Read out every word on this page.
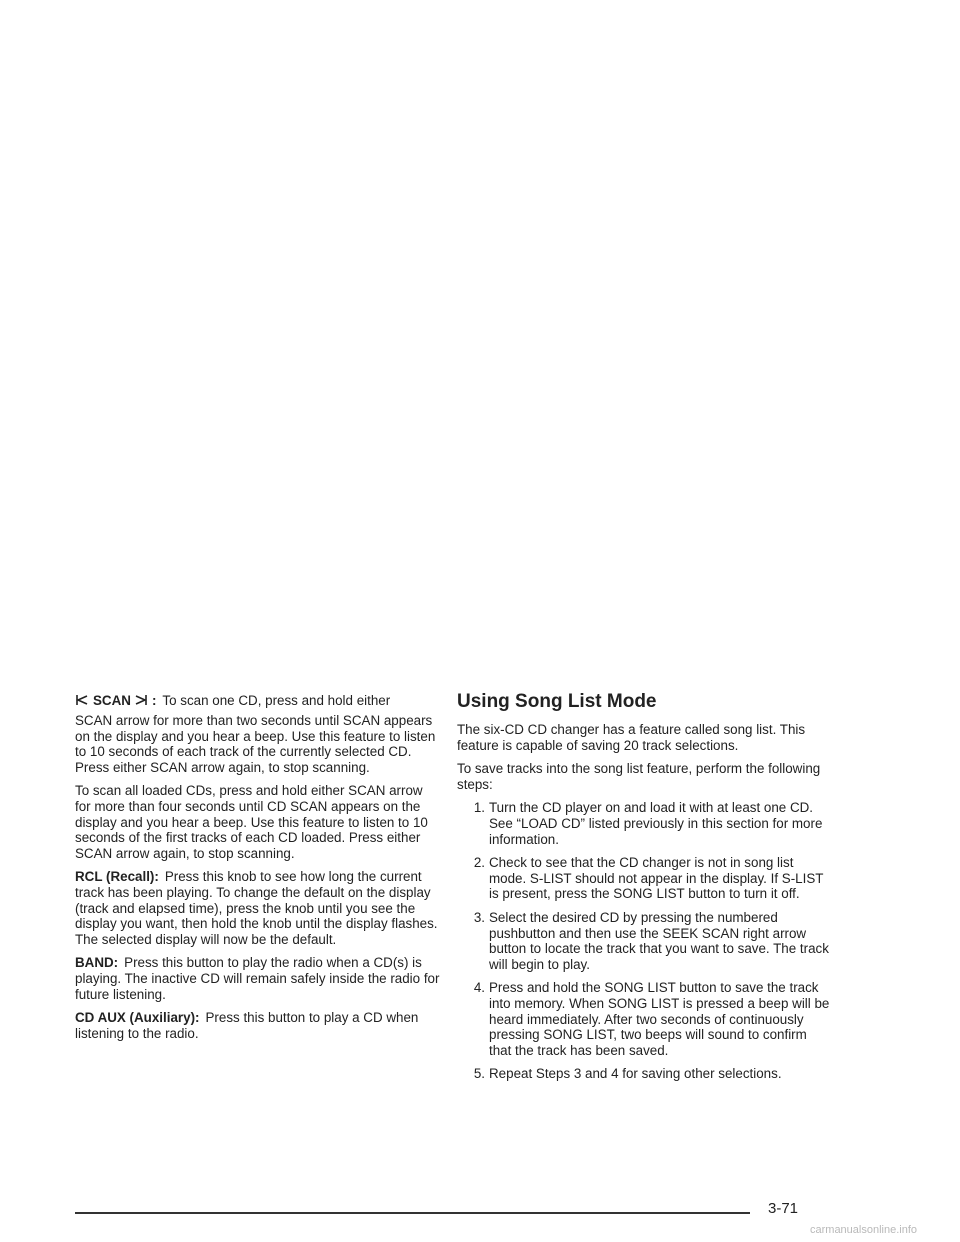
SCAN : To scan one CD, press and hold either

SCAN arrow for more than two seconds until SCAN appears on the display and you hear a beep. Use this feature to listen to 10 seconds of each track of the currently selected CD. Press either SCAN arrow again, to stop scanning.

To scan all loaded CDs, press and hold either SCAN arrow for more than four seconds until CD SCAN appears on the display and you hear a beep. Use this feature to listen to 10 seconds of the first tracks of each CD loaded. Press either SCAN arrow again, to stop scanning.

RCL (Recall): Press this knob to see how long the current track has been playing. To change the default on the display (track and elapsed time), press the knob until you see the display you want, then hold the knob until the display flashes. The selected display will now be the default.

BAND: Press this button to play the radio when a CD(s) is playing. The inactive CD will remain safely inside the radio for future listening.

CD AUX (Auxiliary): Press this button to play a CD when listening to the radio.

Using Song List Mode

The six-CD CD changer has a feature called song list. This feature is capable of saving 20 track selections.

To save tracks into the song list feature, perform the following steps:

1. Turn the CD player on and load it with at least one CD. See “LOAD CD” listed previously in this section for more information.
2. Check to see that the CD changer is not in song list mode. S-LIST should not appear in the display. If S-LIST is present, press the SONG LIST button to turn it off.
3. Select the desired CD by pressing the numbered pushbutton and then use the SEEK SCAN right arrow button to locate the track that you want to save. The track will begin to play.
4. Press and hold the SONG LIST button to save the track into memory. When SONG LIST is pressed a beep will be heard immediately. After two seconds of continuously pressing SONG LIST, two beeps will sound to confirm that the track has been saved.
5. Repeat Steps 3 and 4 for saving other selections.
3-71
carmanualsonline.info
